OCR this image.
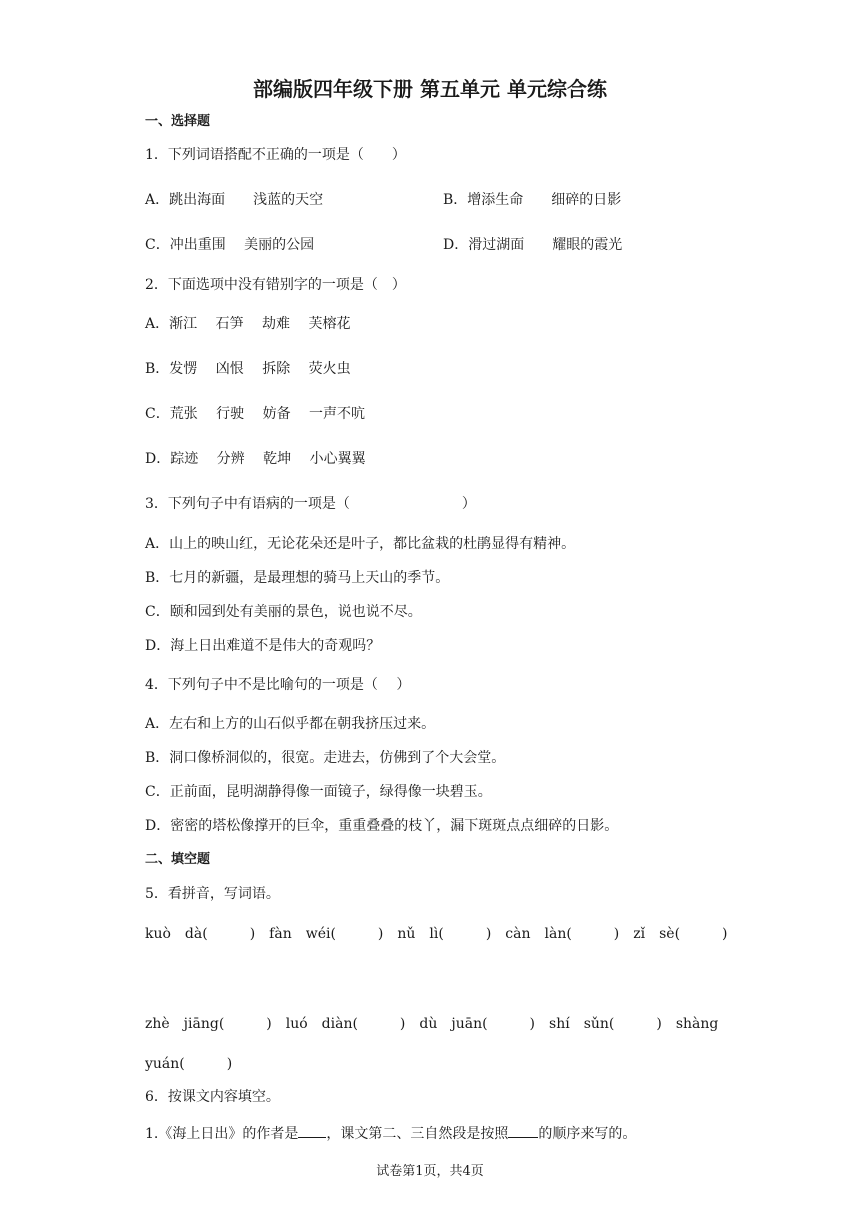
部编版四年级下册 第五单元 单元综合练
一、选择题
1．下列词语搭配不正确的一项是（　　）
A．跳出海面　　浅蓝的天空	B．增添生命　　细碎的日影
C．冲出重围　 美丽的公园	D．滑过湖面　　耀眼的霞光
2．下面选项中没有错别字的一项是（　）
A．渐江　 石笋　 劫难　 芙榕花
B．发愣　 凶恨　 拆除　 荧火虫
C．荒张　 行驶　 妨备　 一声不吭
D．踪迹　 分辨　 乾坤　 小心翼翼
3．下列句子中有语病的一项是（　　　　　　　　）
A．山上的映山红，无论花朵还是叶子，都比盆栽的杜鹃显得有精神。
B．七月的新疆，是最理想的骑马上天山的季节。
C．颐和园到处有美丽的景色，说也说不尽。
D．海上日出难道不是伟大的奇观吗？
4．下列句子中不是比喻句的一项是（　 ）
A．左右和上方的山石似乎都在朝我挤压过来。
B．洞口像桥洞似的，很宽。走进去，仿佛到了个大会堂。
C．正前面，昆明湖静得像一面镜子，绿得像一块碧玉。
D．密密的塔松像撑开的巨伞，重重叠叠的枝丫，漏下斑斑点点细碎的日影。
二、填空题
5．看拼音，写词语。
kuò　dà(　　　)　fàn　wéi(　　　)　nǔ　lì(　　　)　càn　làn(　　　)　zǐ　sè(　　　)
zhè　jiāng(　　　)　luó　diàn(　　　)　dù　juān(　　　)　shí　sǔn(　　　)　shàng
yuán(　　　)
6．按课文内容填空。
1.《海上日出》的作者是 ，课文第二、三自然段是按照 的顺序来写的。
试卷第1页，共4页
